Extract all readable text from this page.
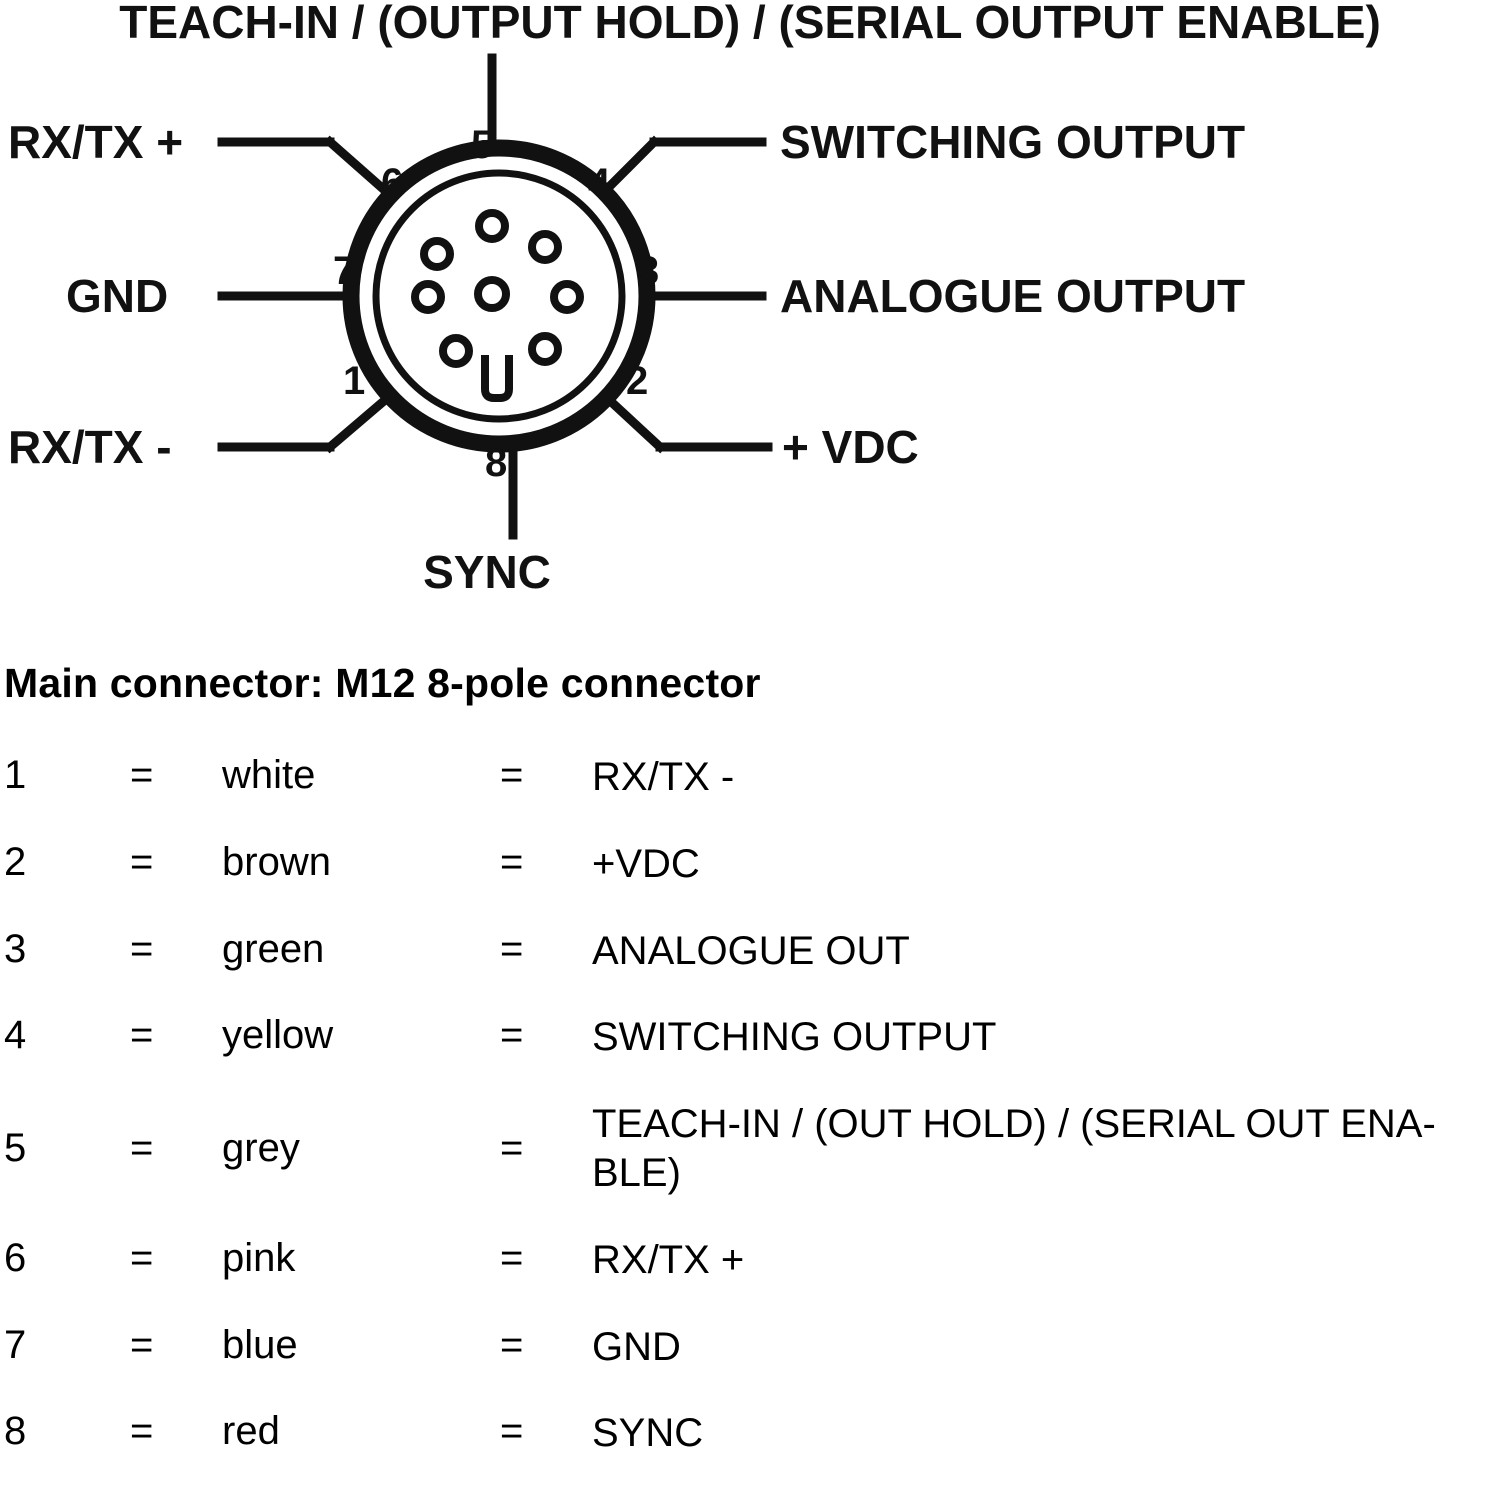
TEACH-IN / (OUTPUT HOLD) / (SERIAL OUTPUT ENABLE)
5
6	4
7	3
1	2
8
RX/TX +
GND
RX/TX -
SWITCHING OUTPUT
ANALOGUE OUTPUT
+ VDC
SYNC
Main connector: M12 8-pole connector
1	=	white	=	RX/TX -
2	=	brown	=	+VDC
3	=	green	=	ANALOGUE OUT
4	=	yellow	=	SWITCHING OUTPUT
5	=	grey	=
TEACH-IN / (OUT HOLD) / (SERIAL OUT ENA-BLE)
6	=	pink	=	RX/TX +
7	=	blue	=	GND
8	=	red	=	SYNC
